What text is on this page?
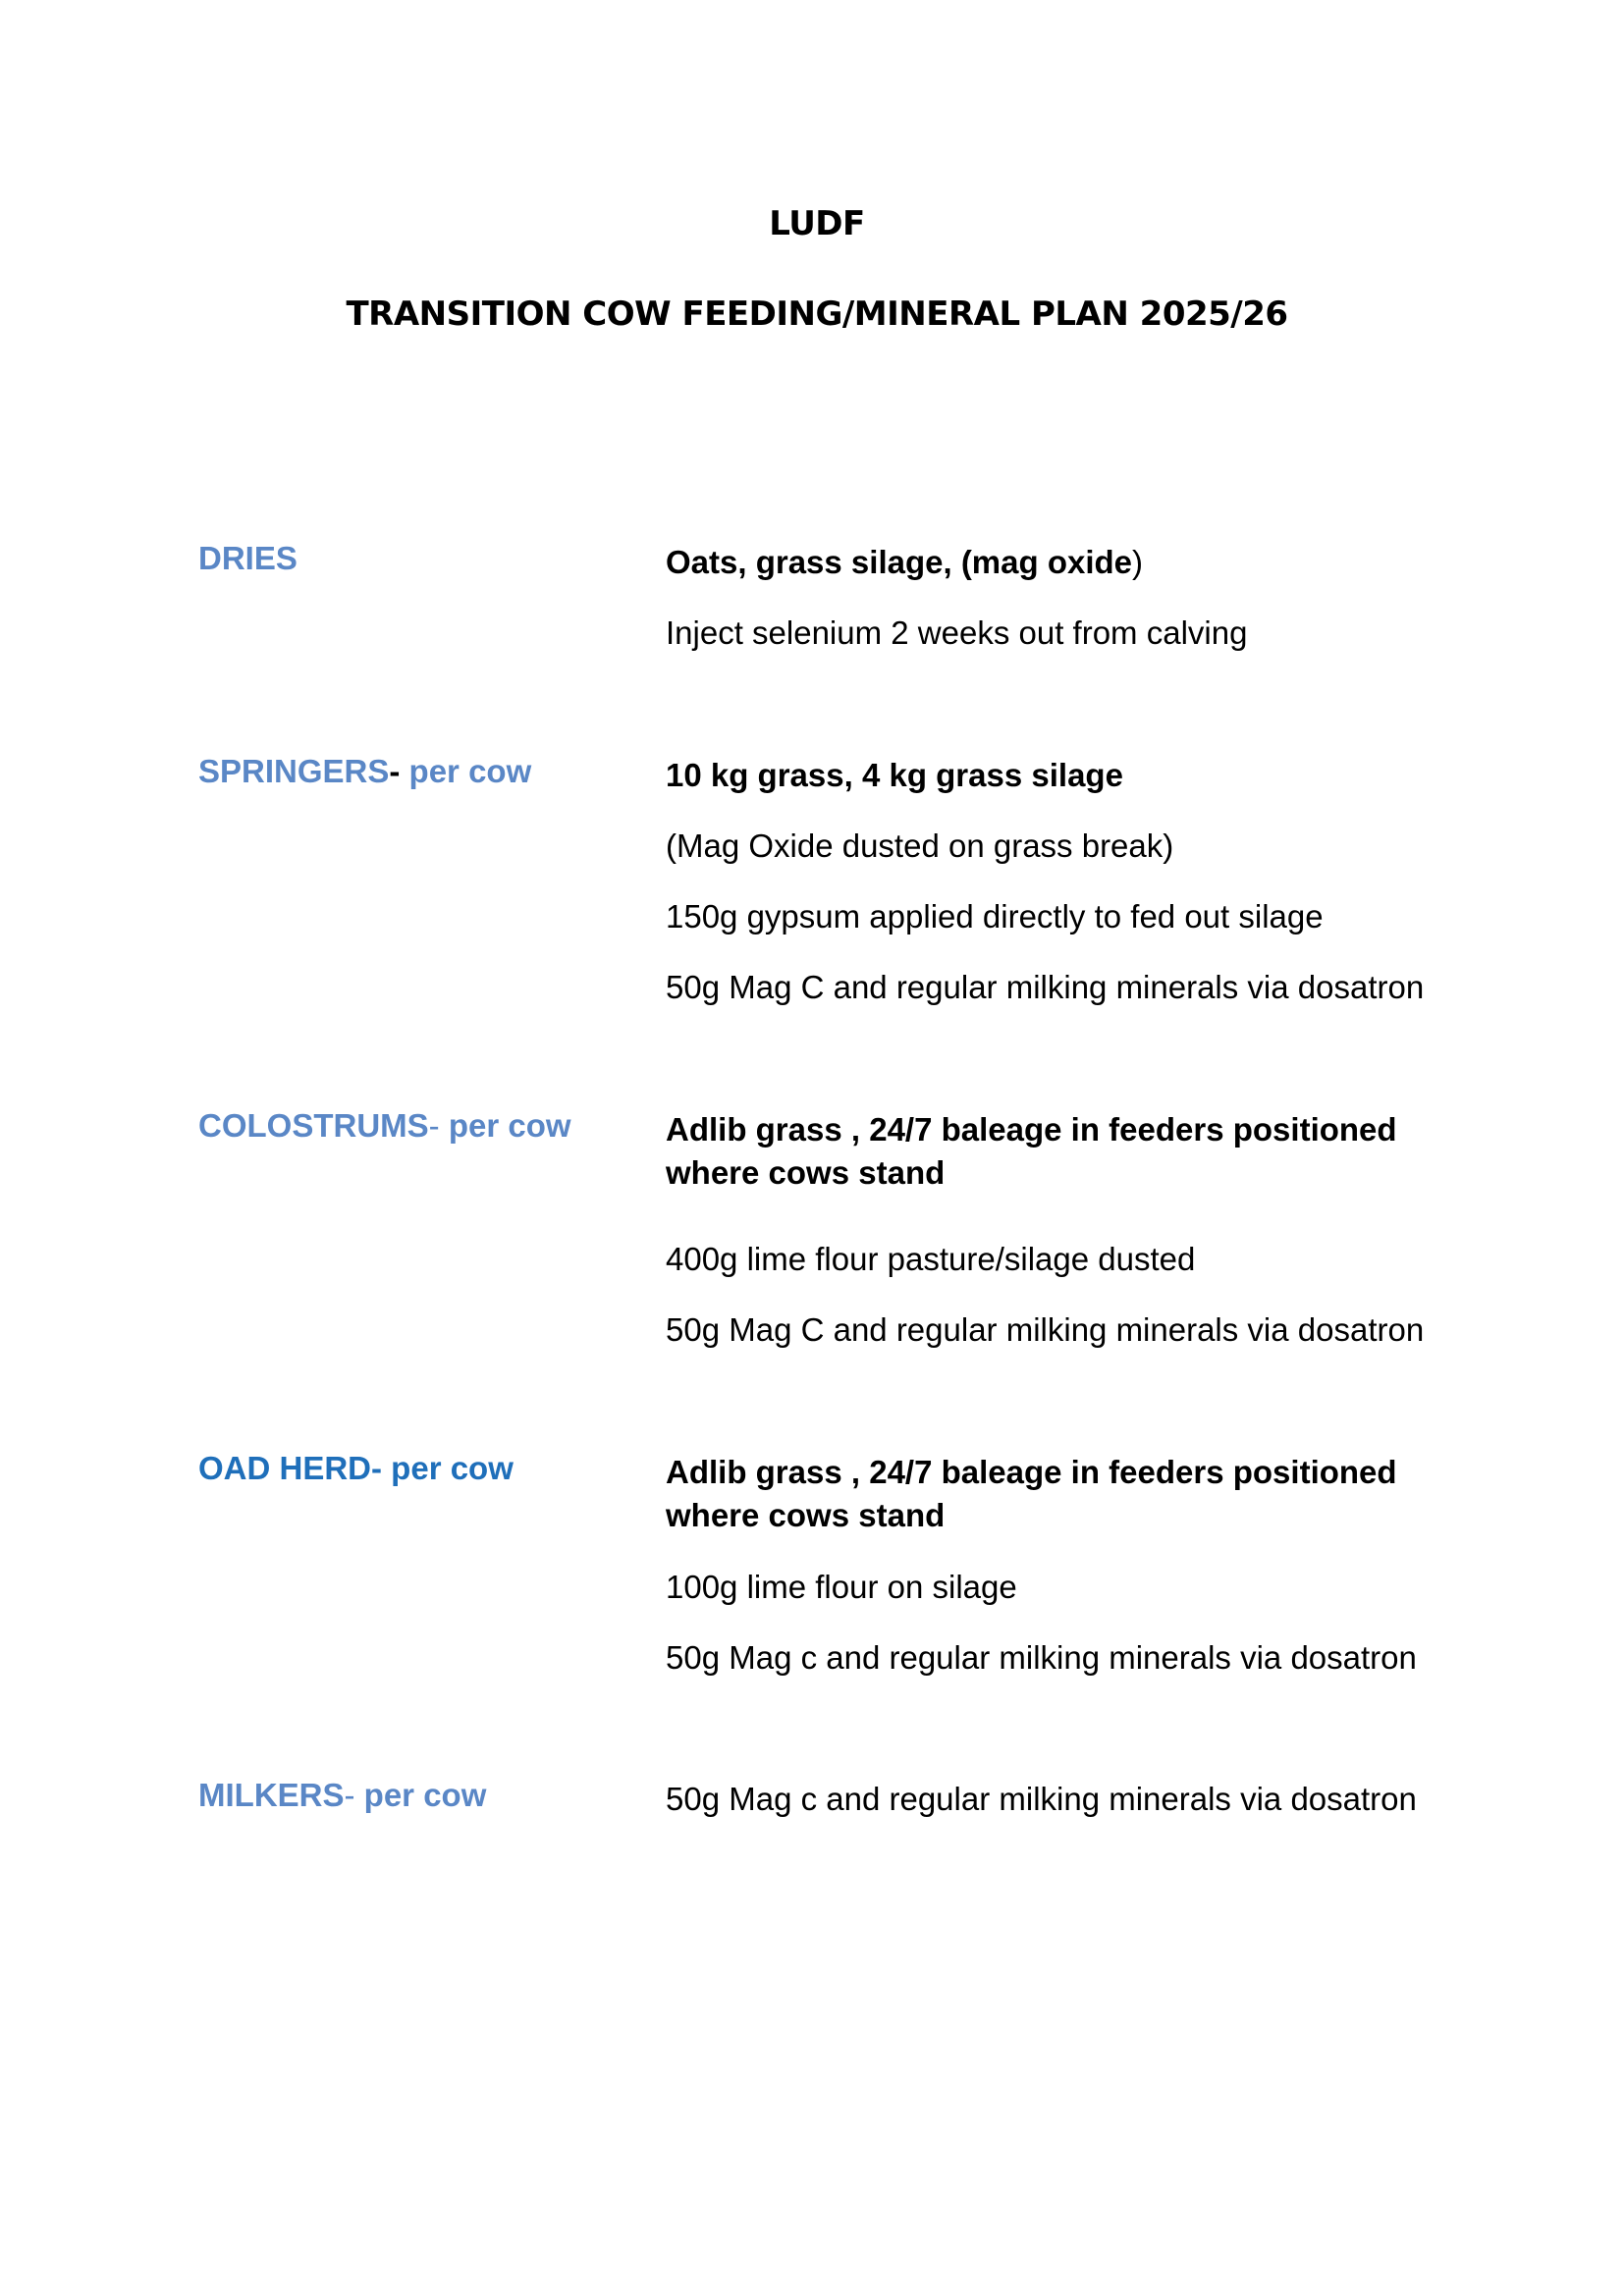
LUDF
TRANSITION COW FEEDING/MINERAL PLAN 2025/26
DRIES	Oats, grass silage, (mag oxide)

Inject selenium 2 weeks out from calving

SPRINGERS- per cow	10 kg grass, 4 kg grass silage

(Mag Oxide dusted on grass break)

150g gypsum applied directly to fed out silage

50g Mag C and regular milking minerals via dosatron

COLOSTRUMS- per cow	Adlib grass , 24/7 baleage in feeders positioned

where cows stand

400g lime flour pasture/silage dusted

50g Mag C and regular milking minerals via dosatron

OAD HERD- per cow	Adlib grass , 24/7 baleage in feeders positioned

where cows stand

100g lime flour on silage

50g Mag c and regular milking minerals via dosatron

MILKERS- per cow	50g Mag c and regular milking minerals via dosatron
